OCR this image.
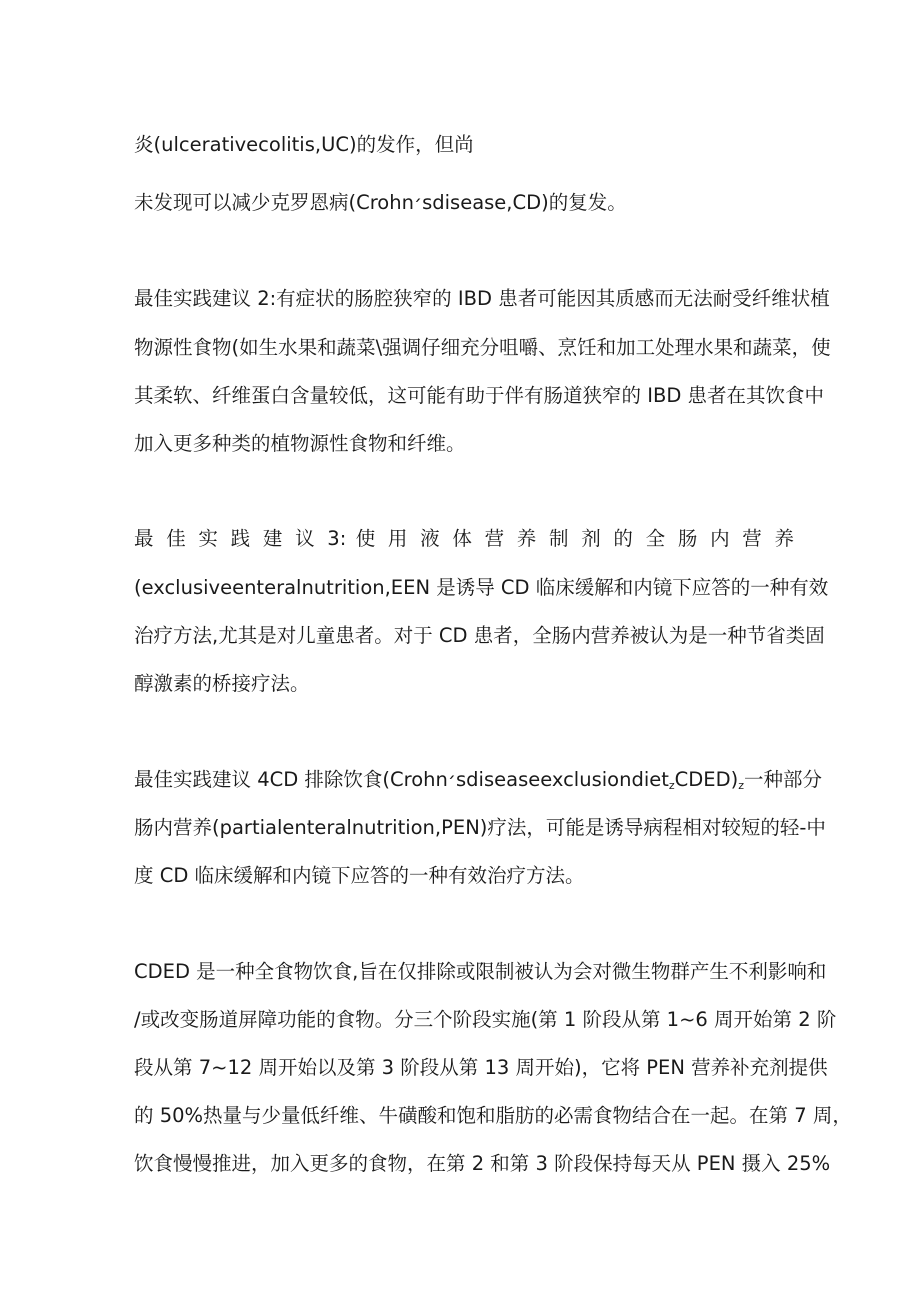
炎(ulcerativecolitis,UC)的发作，但尚
未发现可以减少克罗恩病(Crohn׳sdisease,CD)的复发。
最佳实践建议 2:有症状的肠腔狭窄的 IBD 患者可能因其质感而无法耐受纤维状植
物源性食物(如生水果和蔬菜\强调仔细充分咀嚼、烹饪和加工处理水果和蔬菜，使
其柔软、纤维蛋白含量较低，这可能有助于伴有肠道狭窄的 IBD 患者在其饮食中
加入更多种类的植物源性食物和纤维。
最 佳 实 践 建 议 3: 使 用 液 体 营 养 制 剂 的 全 肠 内 营 养
(exclusiveenteralnutrition,EEN 是诱导 CD 临床缓解和内镜下应答的一种有效
治疗方法,尤其是对儿童患者。对于 CD 患者，全肠内营养被认为是一种节省类固
醇激素的桥接疗法。
最佳实践建议 4CD 排除饮食$(Crohn׳sdiseaseexclusiondiet_zCDED)_z$一种部分
肠内营养(partialenteralnutrition,PEN)疗法，可能是诱导病程相对较短的轻-中
度 CD 临床缓解和内镜下应答的一种有效治疗方法。
CDED 是一种全食物饮食,旨在仅排除或限制被认为会对微生物群产生不利影响和
/或改变肠道屏障功能的食物。分三个阶段实施(第 1 阶段从第 1~6 周开始第 2 阶
段从第 7~12 周开始以及第 3 阶段从第 13 周开始)，它将 PEN 营养补充剂提供
的 50%热量与少量低纤维、牛磺酸和饱和脂肪的必需食物结合在一起。在第 7 周，
饮食慢慢推进，加入更多的食物，在第 2 和第 3 阶段保持每天从 PEN 摄入 25%
